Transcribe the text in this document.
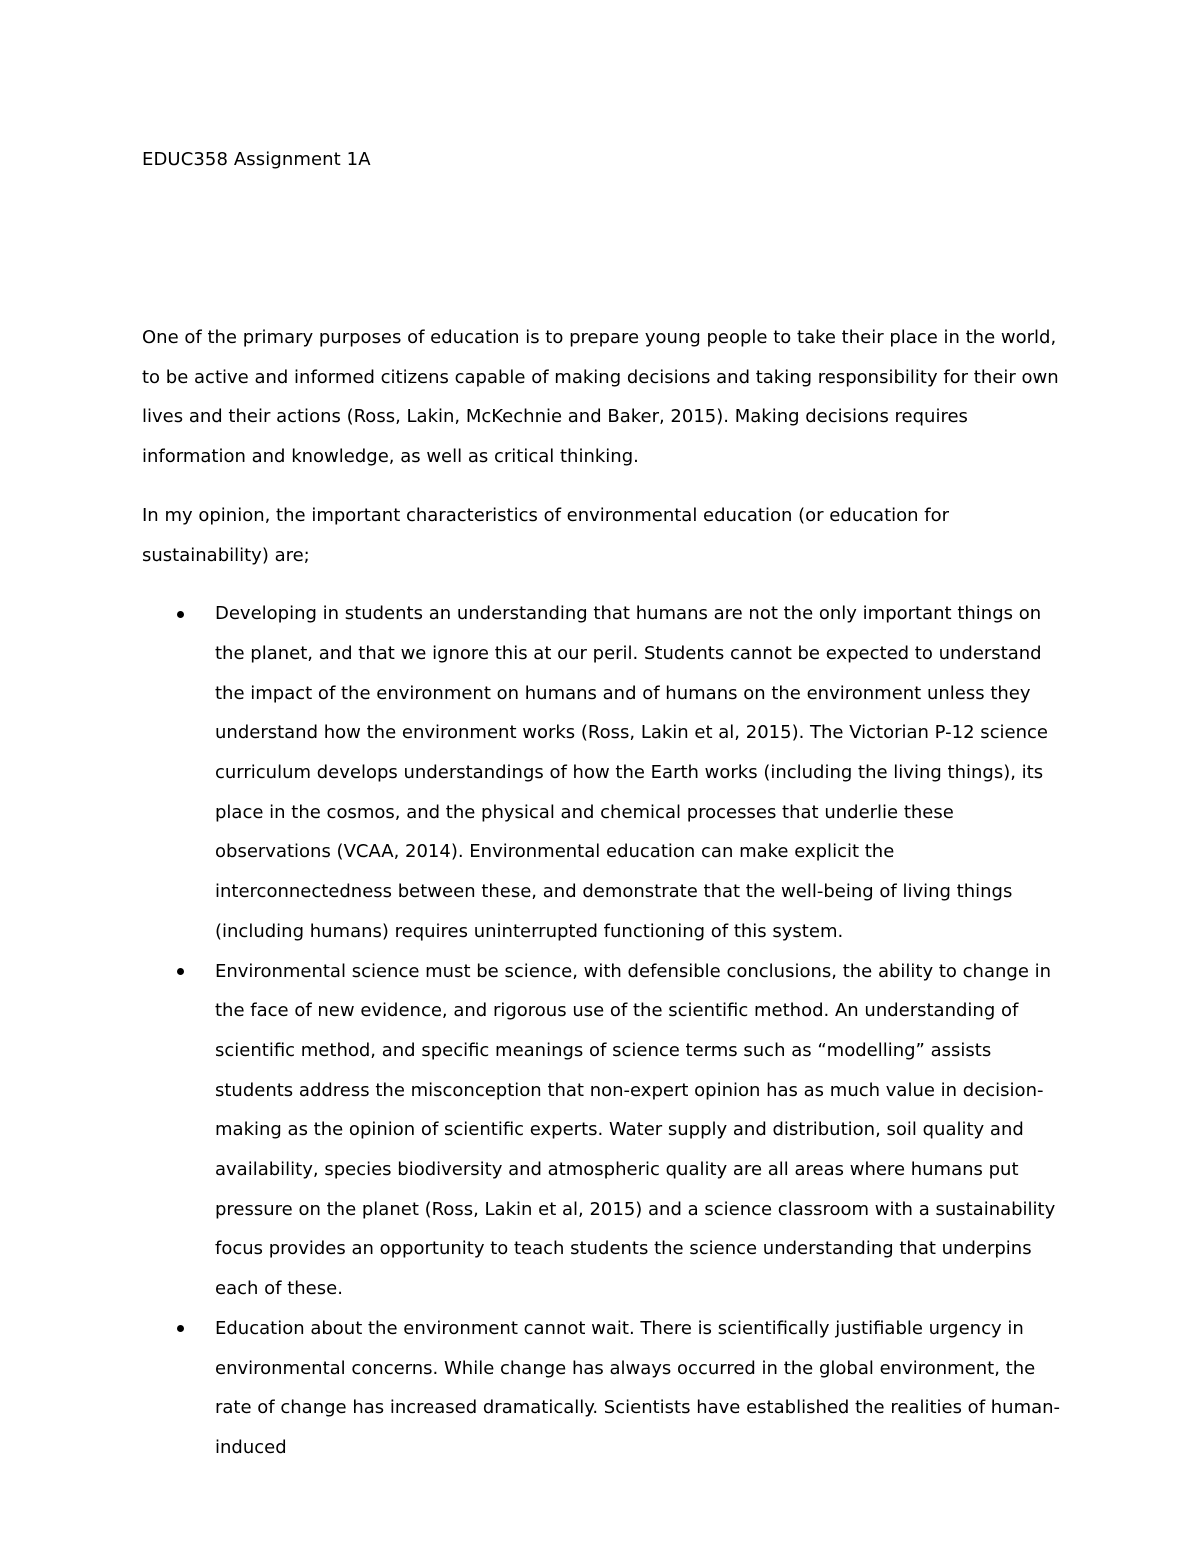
EDUC358 Assignment 1A

One of the primary purposes of education is to prepare young people to take their place in the world, to be active and informed citizens capable of making decisions and taking responsibility for their own lives and their actions (Ross, Lakin, McKechnie and Baker, 2015). Making decisions requires information and knowledge, as well as critical thinking.

In my opinion, the important characteristics of environmental education (or education for sustainability) are;

Developing in students an understanding that humans are not the only important things on the planet, and that we ignore this at our peril. Students cannot be expected to understand the impact of the environment on humans and of humans on the environment unless they understand how the environment works (Ross, Lakin et al, 2015). The Victorian P-12 science curriculum develops understandings of how the Earth works (including the living things), its place in the cosmos, and the physical and chemical processes that underlie these observations (VCAA, 2014). Environmental education can make explicit the interconnectedness between these, and demonstrate that the well-being of living things (including humans) requires uninterrupted functioning of this system.
Environmental science must be science, with defensible conclusions, the ability to change in the face of new evidence, and rigorous use of the scientific method. An understanding of scientific method, and specific meanings of science terms such as “modelling” assists students address the misconception that non-expert opinion has as much value in decision-making as the opinion of scientific experts. Water supply and distribution, soil quality and availability, species biodiversity and atmospheric quality are all areas where humans put pressure on the planet (Ross, Lakin et al, 2015) and a science classroom with a sustainability focus provides an opportunity to teach students the science understanding that underpins each of these.
Education about the environment cannot wait. There is scientifically justifiable urgency in environmental concerns. While change has always occurred in the global environment, the rate of change has increased dramatically. Scientists have established the realities of human-induced
